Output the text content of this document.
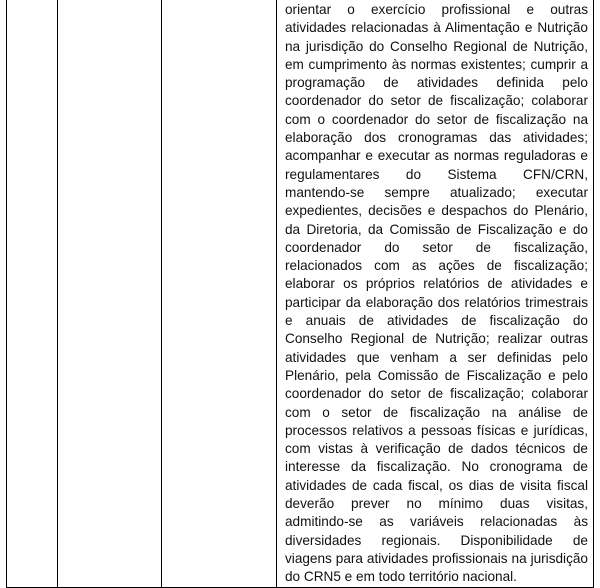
orientar o exercício profissional e outras atividades relacionadas à Alimentação e Nutrição na jurisdição do Conselho Regional de Nutrição, em cumprimento às normas existentes; cumprir a programação de atividades definida pelo coordenador do setor de fiscalização; colaborar com o coordenador do setor de fiscalização na elaboração dos cronogramas das atividades; acompanhar e executar as normas reguladoras e regulamentares do Sistema CFN/CRN, mantendo-se sempre atualizado; executar expedientes, decisões e despachos do Plenário, da Diretoria, da Comissão de Fiscalização e do coordenador do setor de fiscalização, relacionados com as ações de fiscalização; elaborar os próprios relatórios de atividades e participar da elaboração dos relatórios trimestrais e anuais de atividades de fiscalização do Conselho Regional de Nutrição; realizar outras atividades que venham a ser definidas pelo Plenário, pela Comissão de Fiscalização e pelo coordenador do setor de fiscalização; colaborar com o setor de fiscalização na análise de processos relativos a pessoas físicas e jurídicas, com vistas à verificação de dados técnicos de interesse da fiscalização. No cronograma de atividades de cada fiscal, os dias de visita fiscal deverão prever no mínimo duas visitas, admitindo-se as variáveis relacionadas às diversidades regionais. Disponibilidade de viagens para atividades profissionais na jurisdição do CRN5 e em todo território nacional.
